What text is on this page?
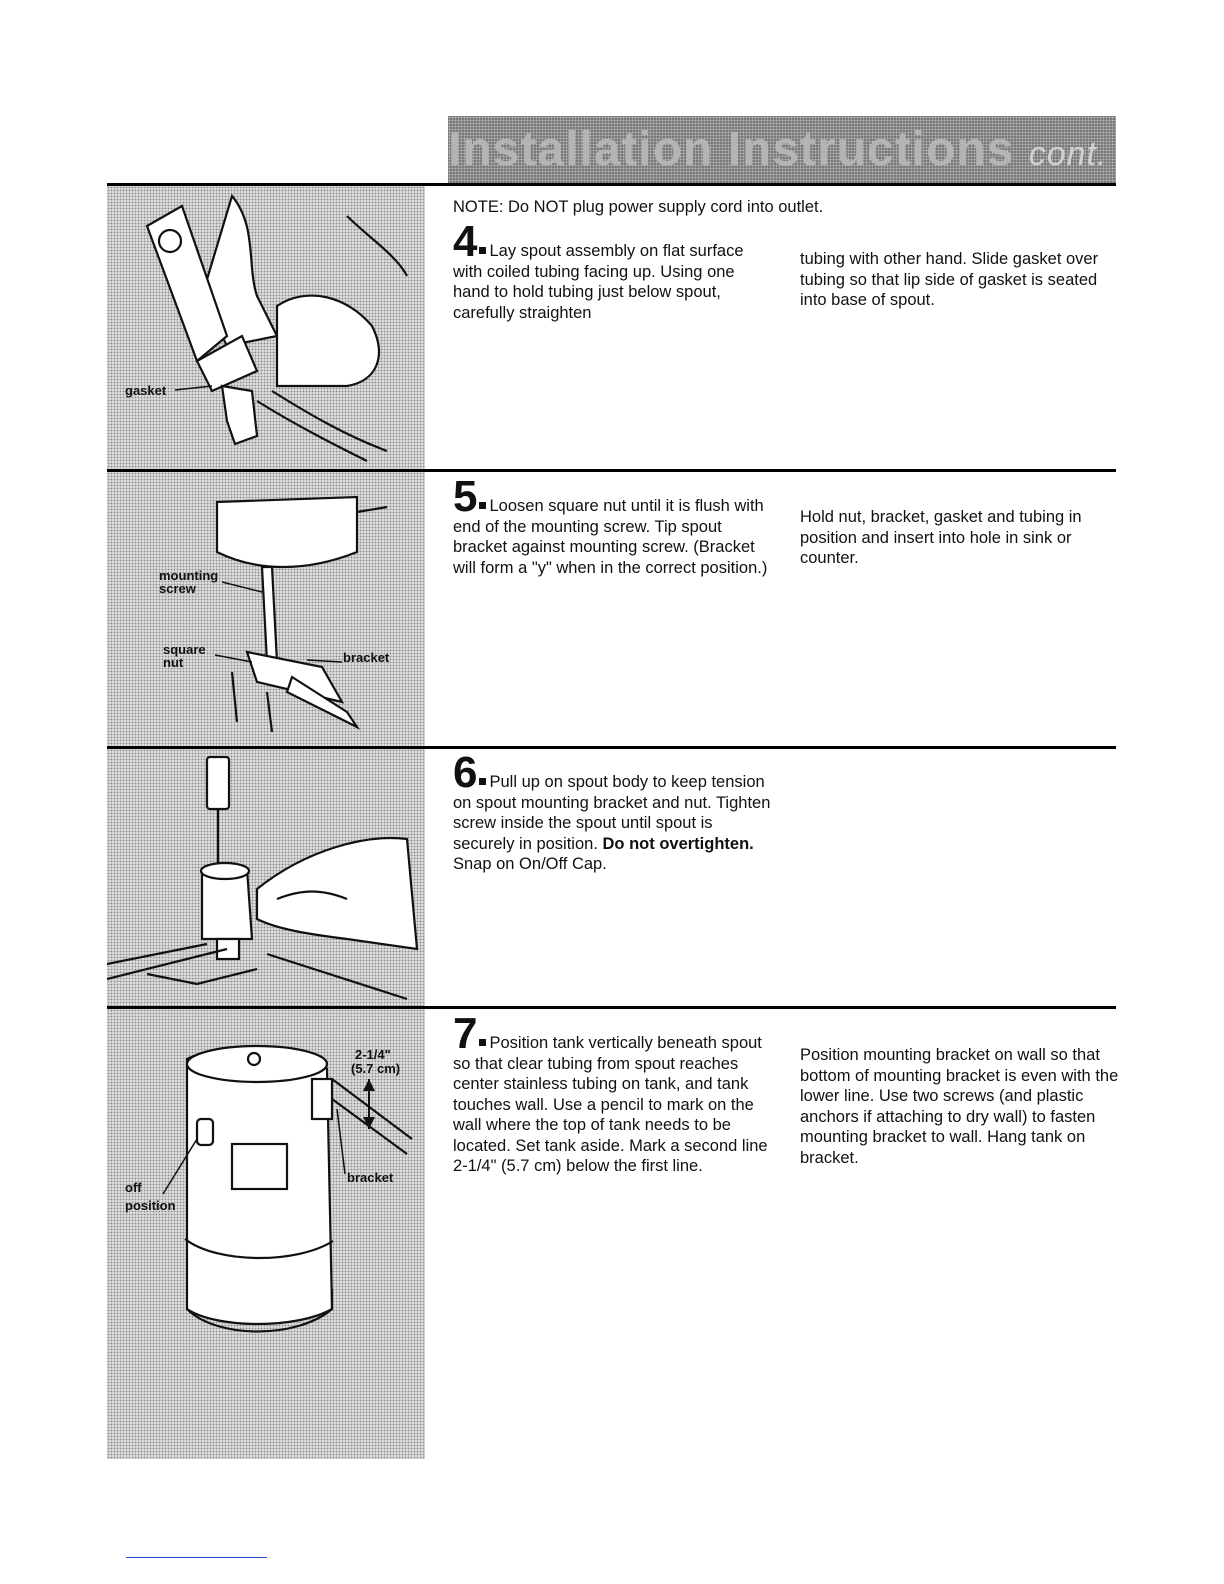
Installation Instructions cont.
gasket
mounting
screw
square
nut	bracket
2-1/4"
(5.7 cm)
bracket
off
position
NOTE: Do NOT plug power supply cord into outlet.
4 Lay spout assembly on flat surface with coiled tubing facing up. Using one hand to hold tubing just below spout, carefully straighten
tubing with other hand. Slide gasket over tubing so that lip side of gasket is seated into base of spout.
5 Loosen square nut until it is flush with end of the mounting screw. Tip spout bracket against mounting screw. (Bracket will form a "y" when in the correct position.)
Hold nut, bracket, gasket and tubing in position and insert into hole in sink or counter.
6 Pull up on spout body to keep tension on spout mounting bracket and nut. Tighten screw inside the spout until spout is securely in position. Do not overtighten. Snap on On/Off Cap.
7 Position tank vertically beneath spout so that clear tubing from spout reaches center stainless tubing on tank, and tank touches wall. Use a pencil to mark on the wall where the top of tank needs to be located. Set tank aside. Mark a second line 2-1/4" (5.7 cm) below the first line.
Position mounting bracket on wall so that bottom of mounting bracket is even with the lower line. Use two screws (and plastic anchors if attaching to dry wall) to fasten mounting bracket to wall. Hang tank on bracket.
